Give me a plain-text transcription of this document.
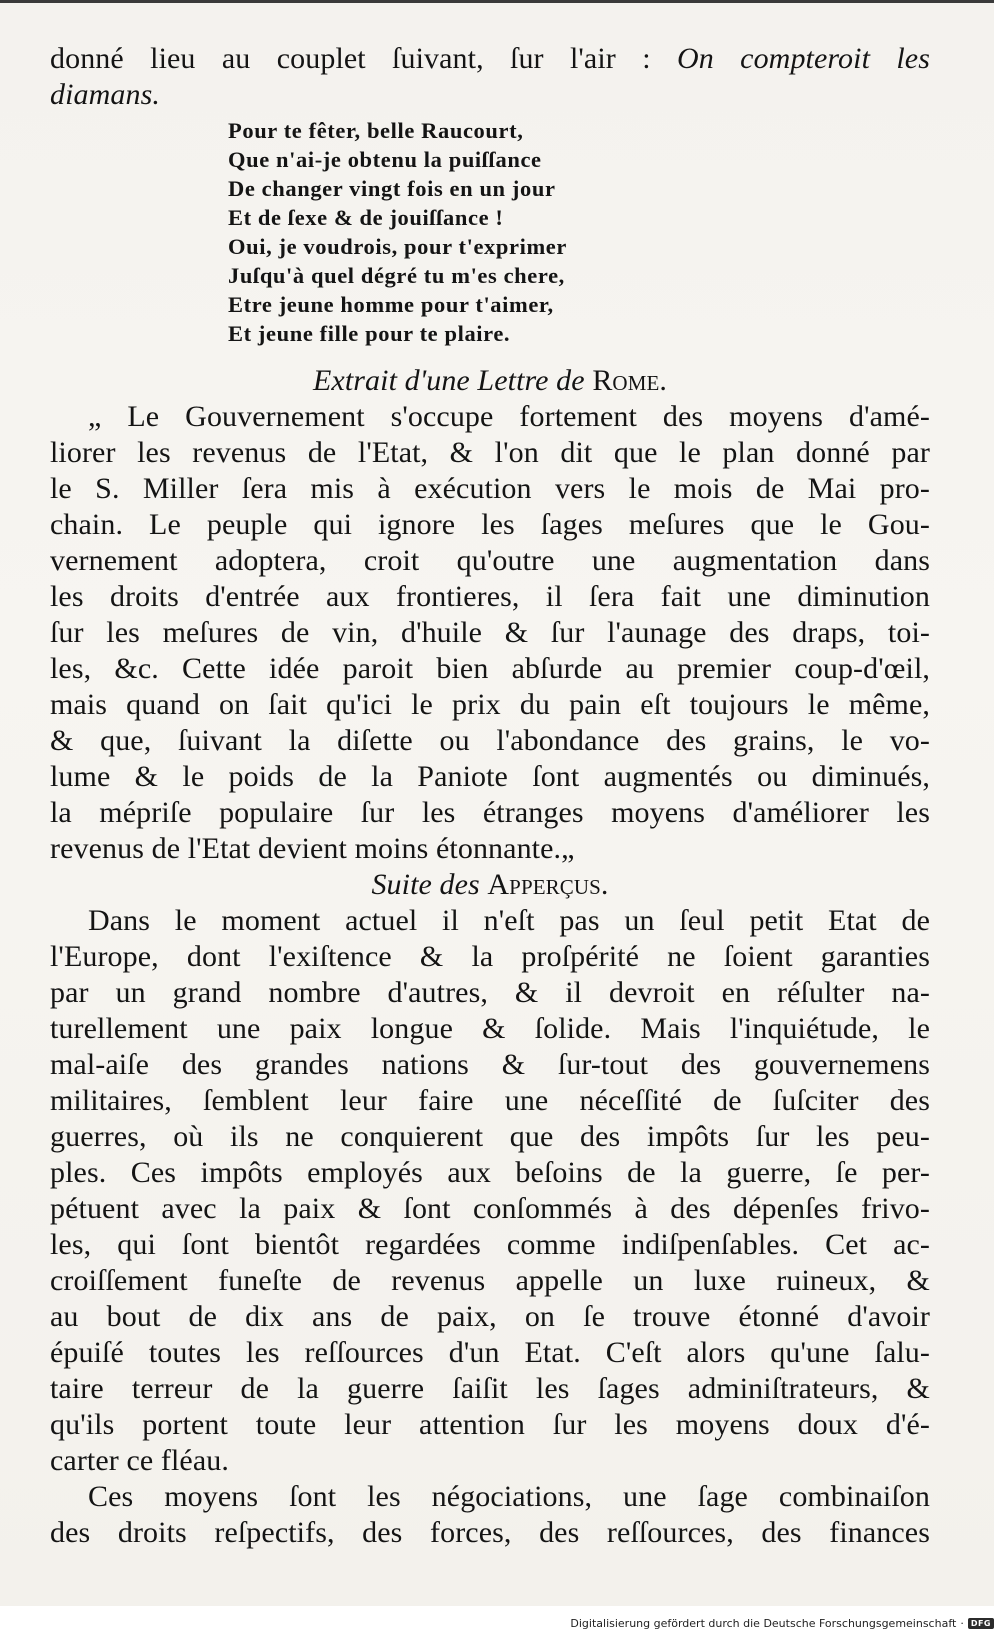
donné lieu au couplet ſuivant, ſur l'air : On compteroit les
diamans.
Pour te fêter, belle Raucourt,
Que n'ai-je obtenu la puiſſance
De changer vingt fois en un jour
Et de ſexe & de jouiſſance !
Oui, je voudrois, pour t'exprimer
Juſqu'à quel dégré tu m'es chere,
Etre jeune homme pour t'aimer,
Et jeune fille pour te plaire.
Extrait d'une Lettre de Rome.
„ Le Gouvernement s'occupe fortement des moyens d'amé-
liorer les revenus de l'Etat, & l'on dit que le plan donné par
le S. Miller ſera mis à exécution vers le mois de Mai pro-
chain. Le peuple qui ignore les ſages meſures que le Gou-
vernement adoptera, croit qu'outre une augmentation dans
les droits d'entrée aux frontieres, il ſera fait une diminution
ſur les meſures de vin, d'huile & ſur l'aunage des draps, toi-
les, &c. Cette idée paroit bien abſurde au premier coup-d'œil,
mais quand on ſait qu'ici le prix du pain eſt toujours le même,
& que, ſuivant la diſette ou l'abondance des grains, le vo-
lume & le poids de la Paniote ſont augmentés ou diminués,
la mépriſe populaire ſur les étranges moyens d'améliorer les
revenus de l'Etat devient moins étonnante.„
Suite des Apperçus.
Dans le moment actuel il n'eſt pas un ſeul petit Etat de
l'Europe, dont l'exiſtence & la proſpérité ne ſoient garanties
par un grand nombre d'autres, & il devroit en réſulter na-
turellement une paix longue & ſolide. Mais l'inquiétude, le
mal-aiſe des grandes nations & ſur-tout des gouvernemens
militaires, ſemblent leur faire une néceſſité de ſuſciter des
guerres, où ils ne conquierent que des impôts ſur les peu-
ples. Ces impôts employés aux beſoins de la guerre, ſe per-
pétuent avec la paix & ſont conſommés à des dépenſes frivo-
les, qui ſont bientôt regardées comme indiſpenſables. Cet ac-
croiſſement funeſte de revenus appelle un luxe ruineux, &
au bout de dix ans de paix, on ſe trouve étonné d'avoir
épuiſé toutes les reſſources d'un Etat. C'eſt alors qu'une ſalu-
taire terreur de la guerre ſaiſit les ſages adminiſtrateurs, &
qu'ils portent toute leur attention ſur les moyens doux d'é-
carter ce fléau.
Ces moyens ſont les négociations, une ſage combinaiſon
des droits reſpectifs, des forces, des reſſources, des finances
Digitalisierung gefördert durch die Deutsche Forschungsgemeinschaft · DFG
